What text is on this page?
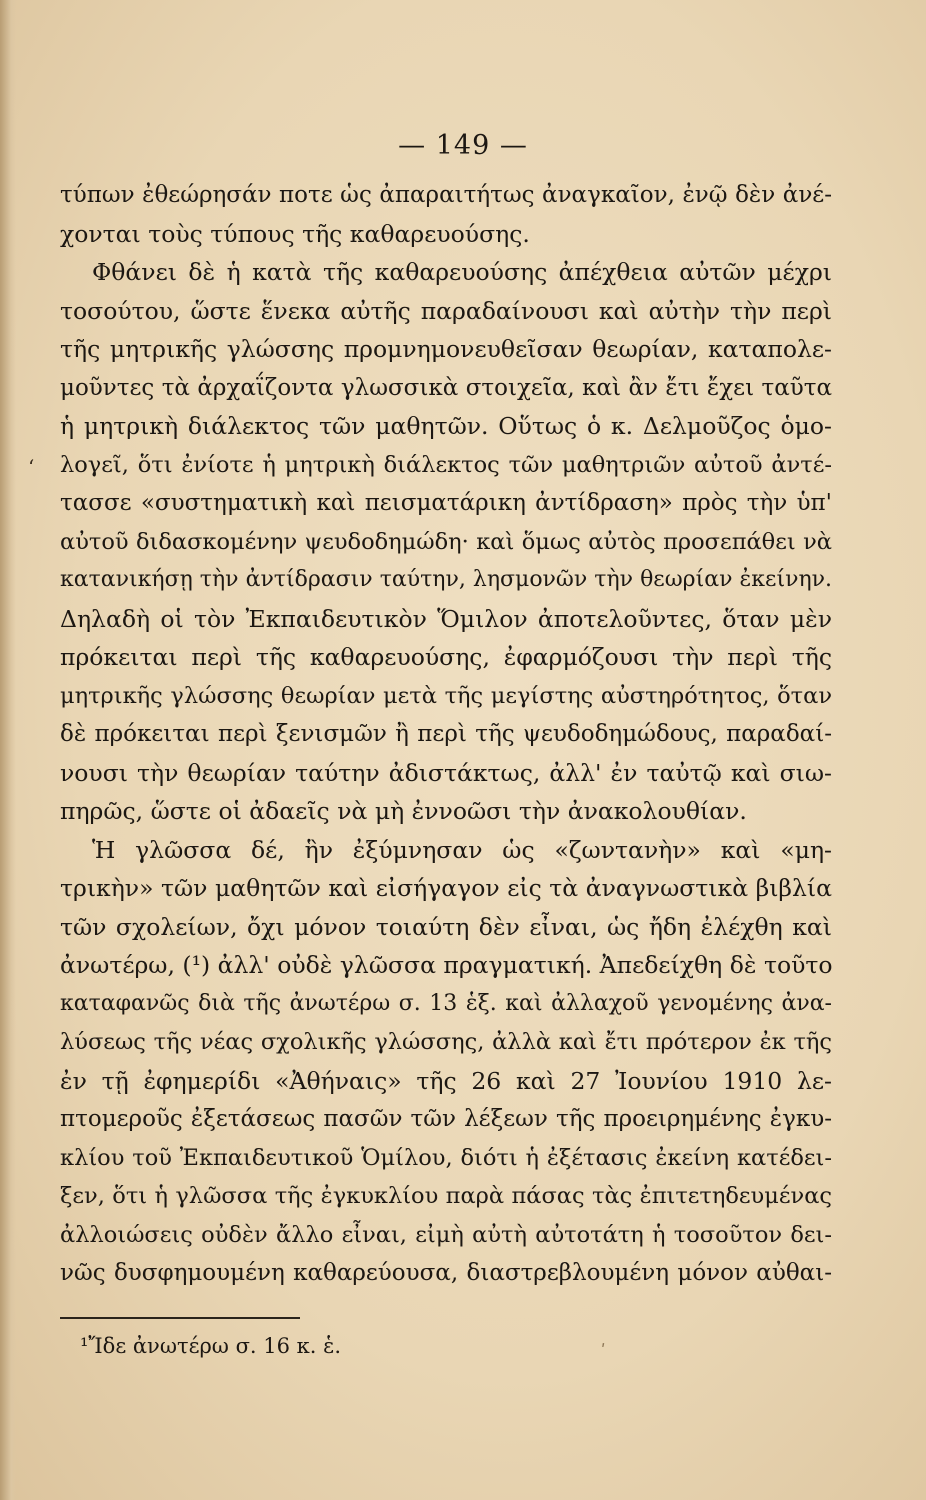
— 149 —
ʻ
τύπων ἐθεώρησάν ποτε ὡς ἀπαραιτήτως ἀναγκαῖον, ἐνῷ δὲν ἀνέ-
χονται τοὺς τύπους τῆς καθαρευούσης.
Φθάνει δὲ ἡ κατὰ τῆς καθαρευούσης ἀπέχθεια αὐτῶν μέχρι
τοσούτου, ὥστε ἕνεκα αὐτῆς παραδαίνουσι καὶ αὐτὴν τὴν περὶ
τῆς μητρικῆς γλώσσης προμνημονευθεῖσαν θεωρίαν, καταπολε-
μοῦντες τὰ ἀρχαΐζοντα γλωσσικὰ στοιχεῖα, καὶ ἂν ἔτι ἔχει ταῦτα
ἡ μητρικὴ διάλεκτος τῶν μαθητῶν. Οὕτως ὁ κ. Δελμοῦζος ὁμο-
λογεῖ, ὅτι ἐνίοτε ἡ μητρικὴ διάλεκτος τῶν μαθητριῶν αὐτοῦ ἀντέ-
τασσε «συστηματικὴ καὶ πεισματάρικη ἀντίδραση» πρὸς τὴν ὑπ'
αὐτοῦ διδασκομένην ψευδοδημώδη· καὶ ὅμως αὐτὸς προσεπάθει νὰ
κατανικήσῃ τὴν ἀντίδρασιν ταύτην, λησμονῶν τὴν θεωρίαν ἐκείνην.
Δηλαδὴ οἱ τὸν Ἐκπαιδευτικὸν Ὅμιλον ἀποτελοῦντες, ὅταν μὲν
πρόκειται περὶ τῆς καθαρευούσης, ἐφαρμόζουσι τὴν περὶ τῆς
μητρικῆς γλώσσης θεωρίαν μετὰ τῆς μεγίστης αὐστηρότητος, ὅταν
δὲ πρόκειται περὶ ξενισμῶν ἢ περὶ τῆς ψευδοδημώδους, παραδαί-
νουσι τὴν θεωρίαν ταύτην ἀδιστάκτως, ἀλλ' ἐν ταὐτῷ καὶ σιω-
πηρῶς, ὥστε οἱ ἀδαεῖς νὰ μὴ ἐννοῶσι τὴν ἀνακολουθίαν.
Ἡ γλῶσσα δέ, ἣν ἐξύμνησαν ὡς «ζωντανὴν» καὶ «μη-
τρικὴν» τῶν μαθητῶν καὶ εἰσήγαγον εἰς τὰ ἀναγνωστικὰ βιβλία
τῶν σχολείων, ὄχι μόνον τοιαύτη δὲν εἶναι, ὡς ἤδη ἐλέχθη καὶ
ἀνωτέρω, (¹) ἀλλ' οὐδὲ γλῶσσα πραγματική. Ἀπεδείχθη δὲ τοῦτο
καταφανῶς διὰ τῆς ἀνωτέρω σ. 13 ἑξ. καὶ ἀλλαχοῦ γενομένης ἀνα-
λύσεως τῆς νέας σχολικῆς γλώσσης, ἀλλὰ καὶ ἔτι πρότερον ἐκ τῆς
ἐν τῇ ἐφημερίδι «Ἀθήναις» τῆς 26 καὶ 27 Ἰουνίου 1910 λε-
πτομεροῦς ἐξετάσεως πασῶν τῶν λέξεων τῆς προειρημένης ἐγκυ-
κλίου τοῦ Ἐκπαιδευτικοῦ Ὁμίλου, διότι ἡ ἐξέτασις ἐκείνη κατέδει-
ξεν, ὅτι ἡ γλῶσσα τῆς ἐγκυκλίου παρὰ πάσας τὰς ἐπιτετηδευμένας
ἀλλοιώσεις οὐδὲν ἄλλο εἶναι, εἰμὴ αὐτὴ αὐτοτάτη ἡ τοσοῦτον δει-
νῶς δυσφημουμένη καθαρεύουσα, διαστρεβλουμένη μόνον αὐθαι-
¹Ἴδε ἀνωτέρω σ. 16 κ. ἑ.	ʹ
